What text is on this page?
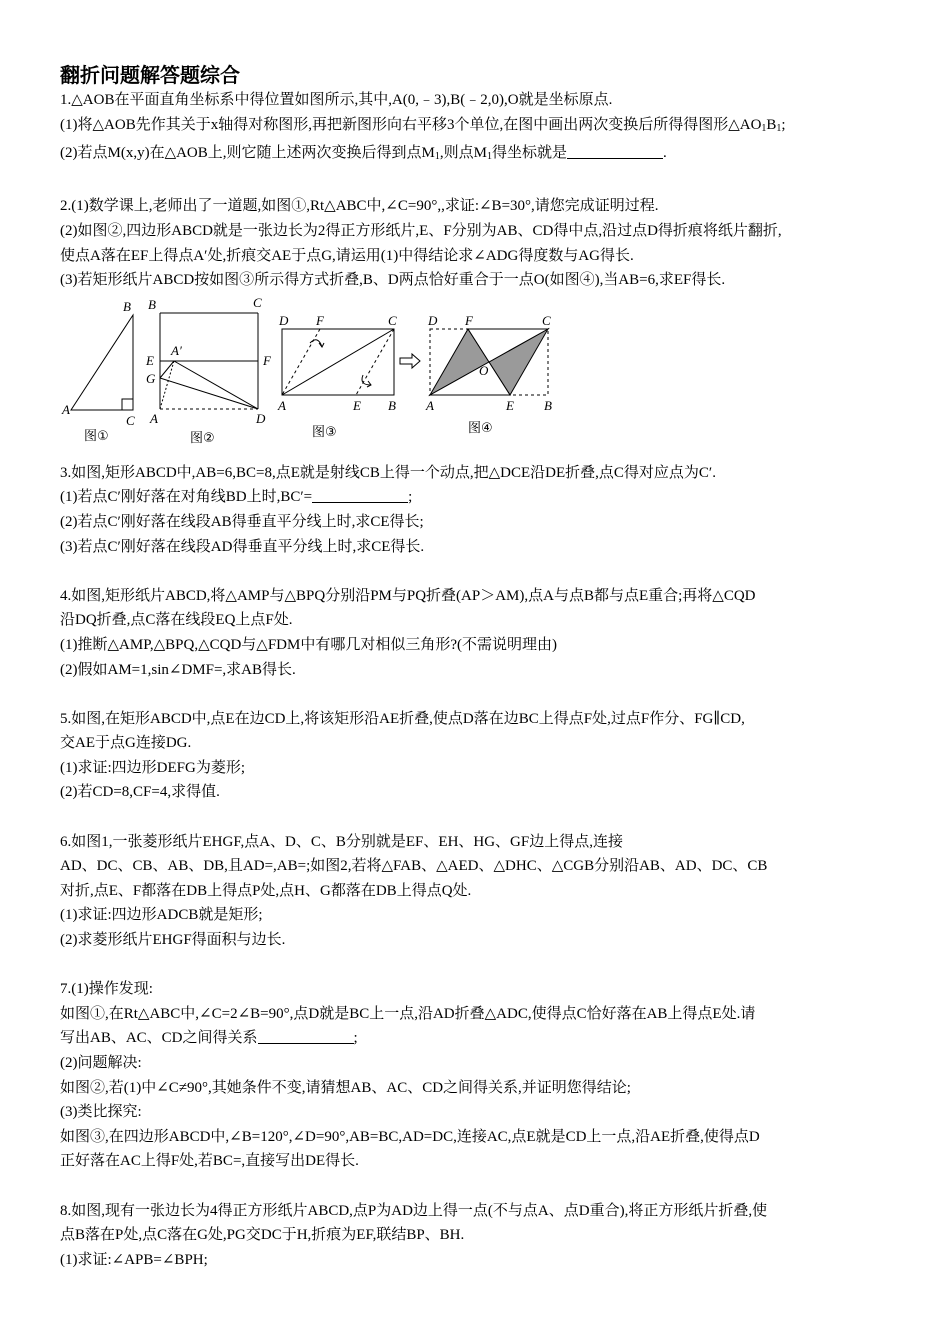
翻折问题解答题综合
1.△AOB在平面直角坐标系中得位置如图所示,其中,A(0,﹣3),B(﹣2,0),O就是坐标原点.
(1)将△AOB先作其关于x轴得对称图形,再把新图形向右平移3个单位,在图中画出两次变换后所得得图形$\triangle AO_1B_1$;
(2)若点M(x,y)在△AOB上,则它随上述两次变换后得到点$M_1$,则点$M_1$得坐标就是	.
2.(1)数学课上,老师出了一道题,如图①,Rt△ABC中,∠C=90°,,求证:∠B=30°,请您完成证明过程.
(2)如图②,四边形ABCD就是一张边长为2得正方形纸片,E、F分别为AB、CD得中点,沿过点D得折痕将纸片翻折,
使点A落在EF上得点A′处,折痕交AE于点G,请运用(1)中得结论求∠ADG得度数与AG得长.
(3)若矩形纸片ABCD按如图③所示得方式折叠,B、D两点恰好重合于一点O(如图④),当AB=6,求EF得长.
A
B
C
B	C
E
A′
F
G
A	D
D F	C
A	E B
D F	C
O
A	E B
图①	图②	图③	图④
3.如图,矩形ABCD中,AB=6,BC=8,点E就是射线CB上得一个动点,把△DCE沿DE折叠,点C得对应点为C′.
(1)若点C′刚好落在对角线BD上时,BC′=	;
(2)若点C′刚好落在线段AB得垂直平分线上时,求CE得长;
(3)若点C′刚好落在线段AD得垂直平分线上时,求CE得长.
4.如图,矩形纸片ABCD,将△AMP与△BPQ分别沿PM与PQ折叠(AP＞AM),点A与点B都与点E重合;再将△CQD
沿DQ折叠,点C落在线段EQ上点F处.
(1)推断△AMP,△BPQ,△CQD与△FDM中有哪几对相似三角形?(不需说明理由)
(2)假如AM=1,sin∠DMF=,求AB得长.
5.如图,在矩形ABCD中,点E在边CD上,将该矩形沿AE折叠,使点D落在边BC上得点F处,过点F作分、FG∥CD,
交AE于点G连接DG.
(1)求证:四边形DEFG为菱形;
(2)若CD=8,CF=4,求得值.
6.如图1,一张菱形纸片EHGF,点A、D、C、B分别就是EF、EH、HG、GF边上得点,连接
AD、DC、CB、AB、DB,且AD=,AB=;如图2,若将△FAB、△AED、△DHC、△CGB分别沿AB、AD、DC、CB
对折,点E、F都落在DB上得点P处,点H、G都落在DB上得点Q处.
(1)求证:四边形ADCB就是矩形;
(2)求菱形纸片EHGF得面积与边长.
7.(1)操作发现:
如图①,在Rt△ABC中,∠C=2∠B=90°,点D就是BC上一点,沿AD折叠△ADC,使得点C恰好落在AB上得点E处.请
写出AB、AC、CD之间得关系	;
(2)问题解决:
如图②,若(1)中∠C≠90°,其她条件不变,请猜想AB、AC、CD之间得关系,并证明您得结论;
(3)类比探究:
如图③,在四边形ABCD中,∠B=120°,∠D=90°,AB=BC,AD=DC,连接AC,点E就是CD上一点,沿AE折叠,使得点D
正好落在AC上得F处,若BC=,直接写出DE得长.
8.如图,现有一张边长为4得正方形纸片ABCD,点P为AD边上得一点(不与点A、点D重合),将正方形纸片折叠,使
点B落在P处,点C落在G处,PG交DC于H,折痕为EF,联结BP、BH.
(1)求证:∠APB=∠BPH;
